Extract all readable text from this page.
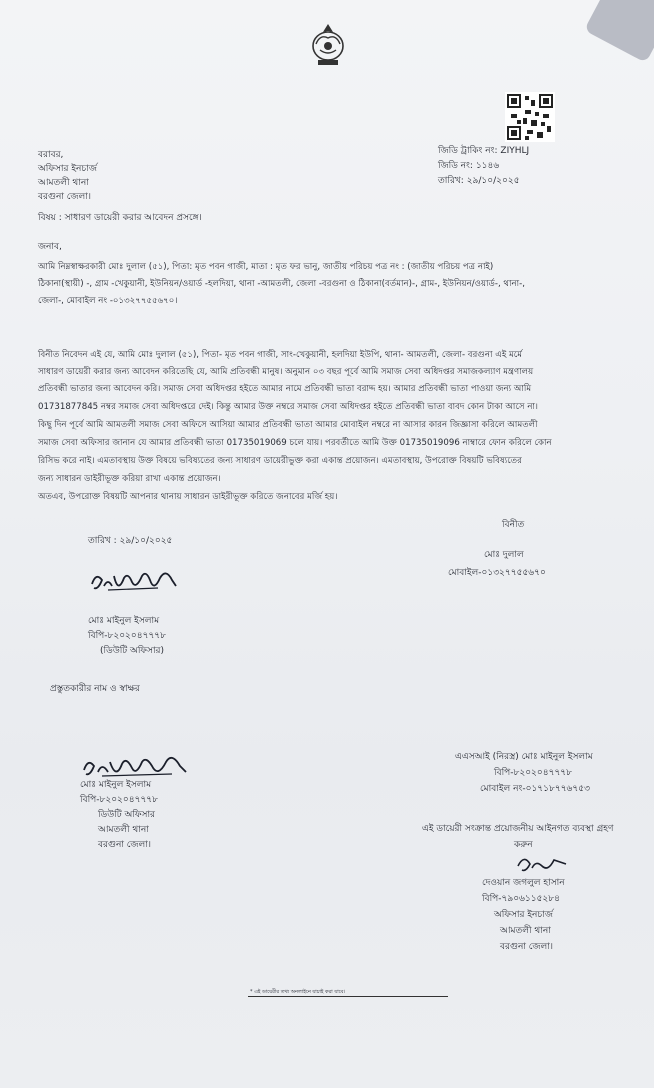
জিডি ট্রাকিং নং: ZIYHLJ
জিডি নং: ১১৪৬
তারিখ: ২৯/১০/২০২৫
বরাবর,
অফিসার ইনচার্জ
আমতলী থানা
বরগুনা জেলা।
বিষয় : সাধারণ ডায়েরী করার আবেদন প্রসঙ্গে।
জনাব,
আমি নিম্নস্বাক্ষরকারী মোঃ দুলাল (৫১), পিতা: মৃত পবন গাজী, মাতা : মৃত ফর ভানু, জাতীয় পরিচয় পত্র নং : (জাতীয় পরিচয় পত্র নাই)
ঠিকানা(স্থায়ী) -, গ্রাম -খেকুয়ানী, ইউনিয়ন/ওয়ার্ড -হলদিয়া, থানা -আমতলী, জেলা -বরগুনা ও ঠিকানা(বর্তমান)-, গ্রাম-, ইউনিয়ন/ওয়ার্ড-, থানা-,
জেলা-, মোবাইল নং -০১৩২৭৭৫৫৬৭০।
বিনীত নিবেদন এই যে, আমি মোঃ দুলাল (৫১), পিতা- মৃত পবন গাজী, সাং-খেকুয়ানী, হলদিয়া ইউপি, থানা- আমতলী, জেলা- বরগুনা এই মর্মে
সাধারণ ডায়েরী করার জন্য আবেদন করিতেছি যে, আমি প্রতিবন্ধী মানুষ। অনুমান ০৩ বছর পূর্বে আমি সমাজ সেবা অধিদপ্তর সমাজকল্যাণ মন্ত্রণালয়
প্রতিবন্ধী ভাতার জন্য আবেদন করি। সমাজ সেবা অধিদপ্তর হইতে আমার নামে প্রতিবন্ধী ভাতা বরাদ্দ হয়। আমার প্রতিবন্ধী ভাতা পাওয়া জন্য আমি
01731877845 নম্বর সমাজ সেবা অধিদপ্তরে দেই। কিন্তু আমার উক্ত নম্বরে সমাজ সেবা অধিদপ্তর হইতে প্রতিবন্ধী ভাতা বাবদ কোন টাকা আসে না।
কিছু দিন পূর্বে আমি আমতলী সমাজ সেবা অফিসে আসিয়া আমার প্রতিবন্ধী ভাতা আমার মোবাইল নম্বরে না আসার কারন জিজ্ঞাসা করিলে আমতলী
সমাজ সেবা অফিসার জানান যে আমার প্রতিবন্ধী ভাতা 01735019069 চলে যায়। পরবর্তীতে আমি উক্ত 01735019096 নাম্বারে ফোন করিলে কোন
রিসিভ করে নাই। এমতাবস্থায় উক্ত বিষয়ে ভবিষ্যতের জন্য সাধারণ ডায়েরীভুক্ত করা একান্ত প্রয়োজন। এমতাবস্থায়, উপরোক্ত বিষয়টি ভবিষ্যতের
জন্য সাধারন ডাইরীভূক্ত করিয়া রাখা একান্ত প্রয়োজন।
অতএব, উপরোক্ত বিষয়টি আপনার থানায় সাধারন ডাইরীভূক্ত করিতে জনাবের মর্জি হয়।
তারিখ : ২৯/১০/২০২৫
বিনীত
মোঃ দুলাল
মোবাইল-০১৩২৭৭৫৫৬৭০
মোঃ মাইনুল ইসলাম
বিপি-৮২০২০৪৭৭৭৮
(ডিউটি অফিসার)
প্রস্তুতকারীর নাম ও স্বাক্ষর
মোঃ মাইনুল ইসলাম
বিপি-৮২০২০৪৭৭৭৮
ডিউটি অফিসার
আমতলী থানা
বরগুনা জেলা।
এএসআই (নিরস্ত্র) মোঃ মাইনুল ইসলাম
বিপি-৮২০২০৪৭৭৭৮
মোবাইল নং-০১৭১৮৭৭৬৭৫৩
এই ডায়েরী সংক্রান্ত প্রয়োজনীয় আইনগত ব্যবস্থা গ্রহণ
করুন
দেওয়ান জগলুল হাসান
বিপি-৭৯০৬১১৫২৮৪
অফিসার ইনচার্জ
আমতলী থানা
বরগুনা জেলা।
* এই ডায়েরীর তথ্য অনলাইনে যাচাই করা যাবে।
